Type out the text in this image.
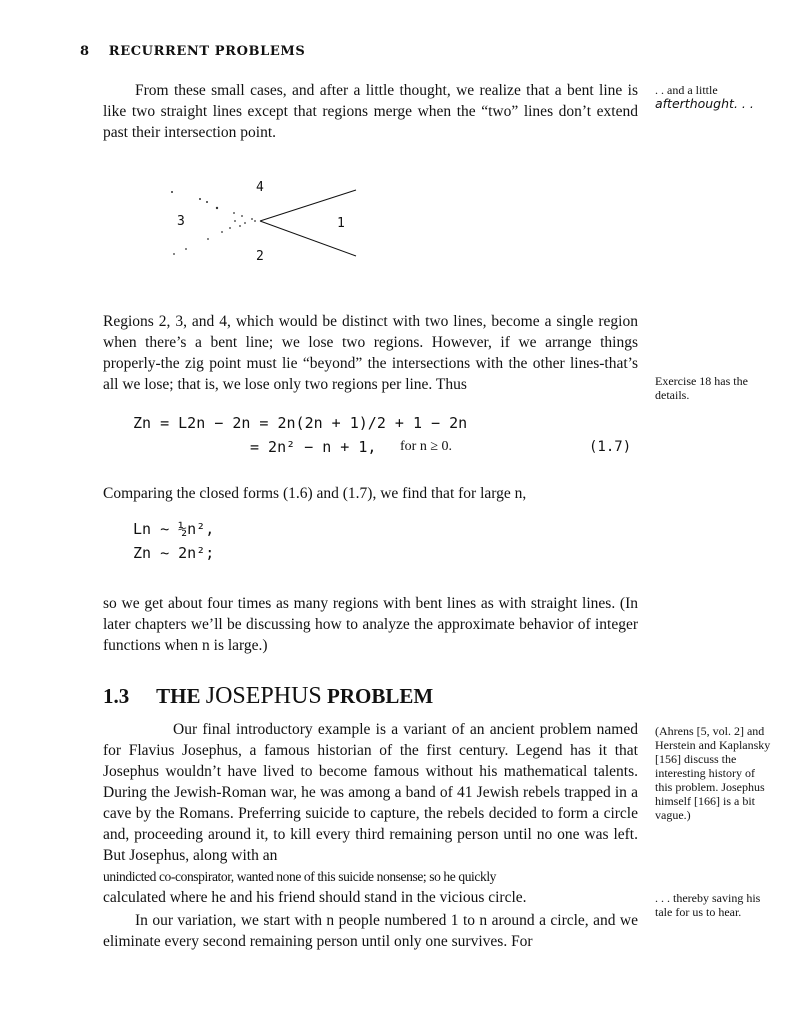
8 RECURRENT PROBLEMS
From these small cases, and after a little thought, we realize that a bent line is like two straight lines except that regions merge when the “two” lines don’t extend past their intersection point.
. . and a little
afterthought. . .
4
3	1
2
Regions 2, 3, and 4, which would be distinct with two lines, become a single region when there’s a bent line; we lose two regions. However, if we arrange things properly-the zig point must lie “beyond” the intersections with the other lines-that’s all we lose; that is, we lose only two regions per line. Thus	Exercise 18 has the details.
Zn = L2n − 2n = 2n(2n + 1)/2 + 1 − 2n
= 2n² − n + 1, for n ≥ 0.	(1.7)
Comparing the closed forms (1.6) and (1.7), we find that for large n,
Ln ∼ ½n²,
Zn ∼ 2n²;
so we get about four times as many regions with bent lines as with straight lines. (In later chapters we’ll be discussing how to analyze the approximate behavior of integer functions when n is large.)
1.3 THE JOSEPHUS PROBLEM
Our final introductory example is a variant of an ancient problem named for Flavius Josephus, a famous historian of the first century. Legend has it that Josephus wouldn’t have lived to become famous without his mathematical talents. During the Jewish-Roman war, he was among a band of 41 Jewish rebels trapped in a cave by the Romans. Preferring suicide to capture, the rebels decided to form a circle and, proceeding around it, to kill every third remaining person until no one was left. But Josephus, along with an
unindicted co-conspirator, wanted none of this suicide nonsense; so he quickly
calculated where he and his friend should stand in the vicious circle.
(Ahrens [5, vol. 2] and Herstein and Kaplansky [156] discuss the interesting history of this problem. Josephus himself [166] is a bit vague.)
In our variation, we start with n people numbered 1 to n around a circle, and we eliminate every second remaining person until only one survives. For
. . . thereby saving his tale for us to hear.
